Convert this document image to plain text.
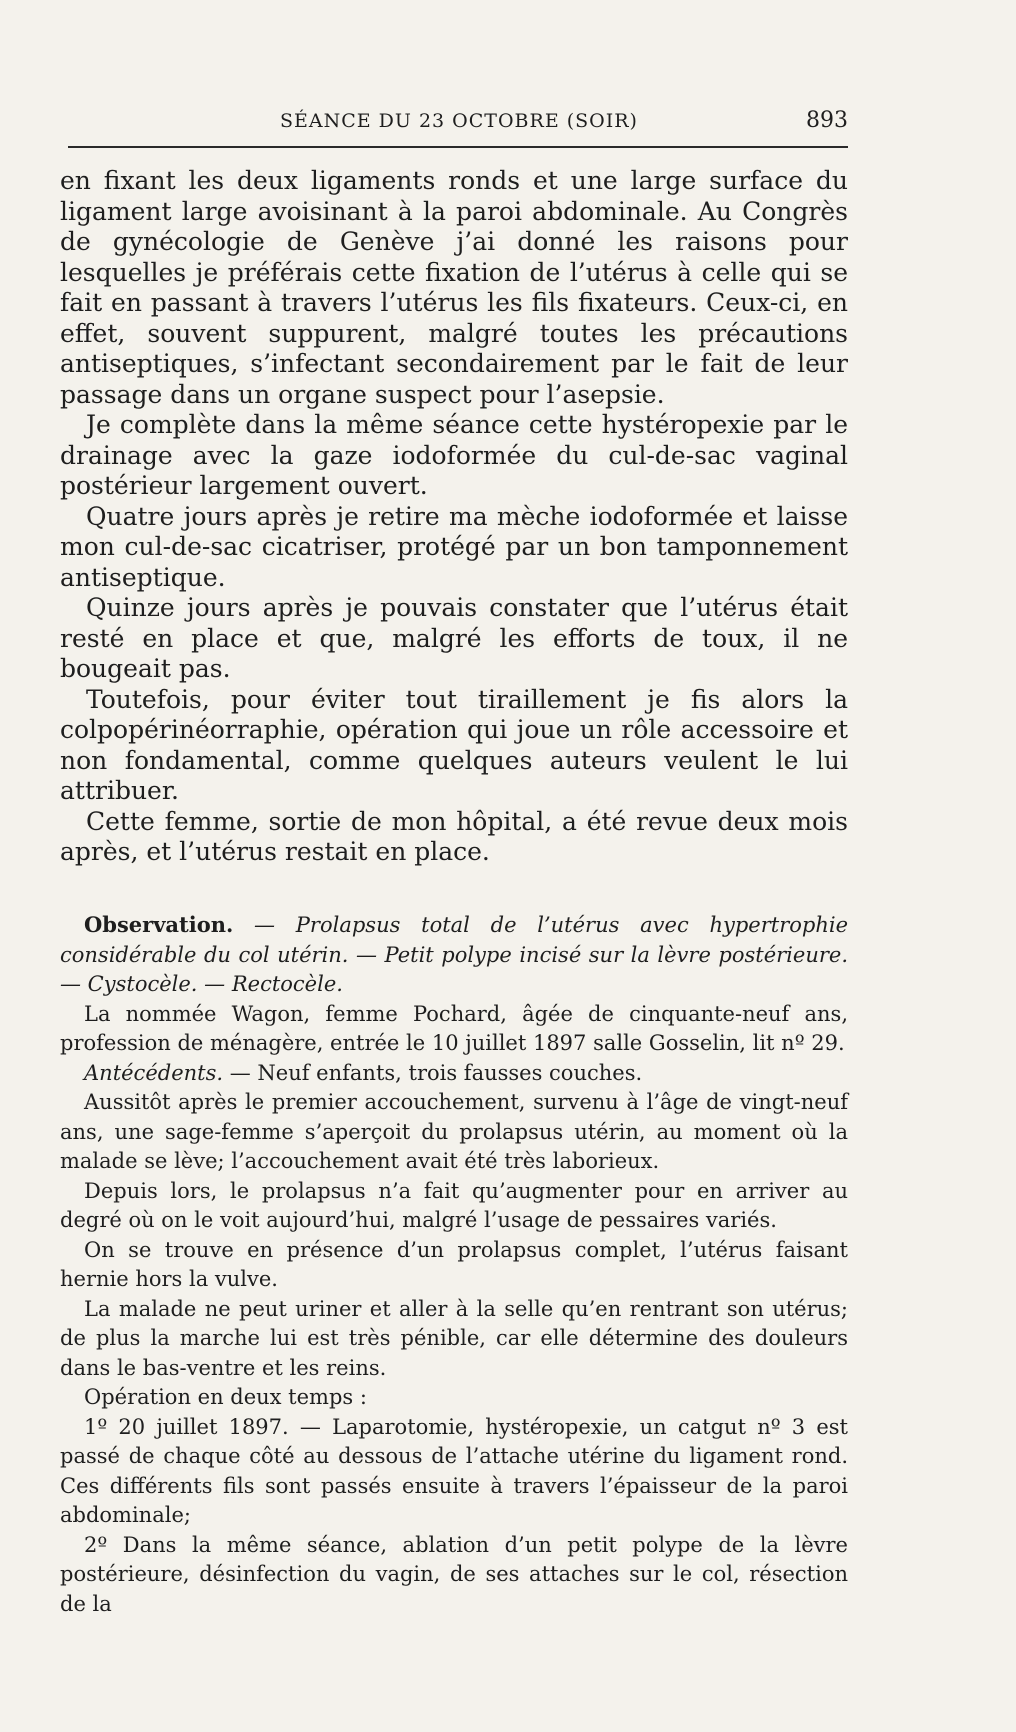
SÉANCE DU 23 OCTOBRE (SOIR)	893

en fixant les deux ligaments ronds et une large surface du ligament large avoisinant à la paroi abdominale. Au Congrès de gynécologie de Genève j’ai donné les raisons pour lesquelles je préférais cette fixation de l’utérus à celle qui se fait en passant à travers l’utérus les fils fixateurs. Ceux-ci, en effet, souvent suppurent, malgré toutes les précautions antiseptiques, s’infectant secondairement par le fait de leur passage dans un organe suspect pour l’asepsie.

Je complète dans la même séance cette hystéropexie par le drainage avec la gaze iodoformée du cul-de-sac vaginal postérieur largement ouvert.

Quatre jours après je retire ma mèche iodoformée et laisse mon cul-de-sac cicatriser, protégé par un bon tamponnement antiseptique.

Quinze jours après je pouvais constater que l’utérus était resté en place et que, malgré les efforts de toux, il ne bougeait pas.

Toutefois, pour éviter tout tiraillement je fis alors la colpopérinéorraphie, opération qui joue un rôle accessoire et non fondamental, comme quelques auteurs veulent le lui attribuer.

Cette femme, sortie de mon hôpital, a été revue deux mois après, et l’utérus restait en place.

Observation. — Prolapsus total de l’utérus avec hypertrophie considérable du col utérin. — Petit polype incisé sur la lèvre postérieure. — Cystocèle. — Rectocèle.

La nommée Wagon, femme Pochard, âgée de cinquante-neuf ans, profession de ménagère, entrée le 10 juillet 1897 salle Gosselin, lit nº 29.

Antécédents. — Neuf enfants, trois fausses couches.

Aussitôt après le premier accouchement, survenu à l’âge de vingt-neuf ans, une sage-femme s’aperçoit du prolapsus utérin, au moment où la malade se lève; l’accouchement avait été très laborieux.

Depuis lors, le prolapsus n’a fait qu’augmenter pour en arriver au degré où on le voit aujourd’hui, malgré l’usage de pessaires variés.

On se trouve en présence d’un prolapsus complet, l’utérus faisant hernie hors la vulve.

La malade ne peut uriner et aller à la selle qu’en rentrant son utérus; de plus la marche lui est très pénible, car elle détermine des douleurs dans le bas-ventre et les reins.

Opération en deux temps :

1º 20 juillet 1897. — Laparotomie, hystéropexie, un catgut nº 3 est passé de chaque côté au dessous de l’attache utérine du ligament rond. Ces différents fils sont passés ensuite à travers l’épaisseur de la paroi abdominale;

2º Dans la même séance, ablation d’un petit polype de la lèvre postérieure, désinfection du vagin, de ses attaches sur le col, résection de la
